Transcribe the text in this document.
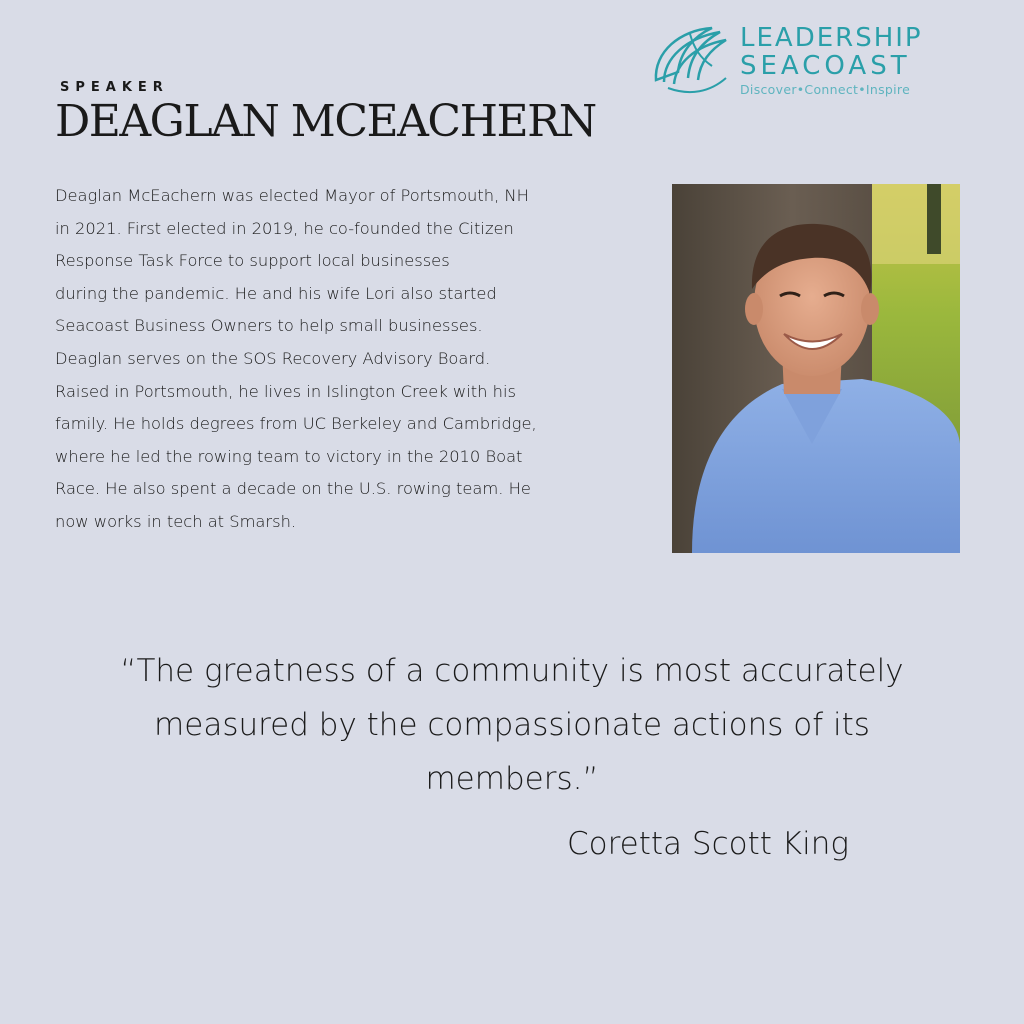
LEADERSHIP
SEACOAST
Discover•Connect•Inspire
SPEAKER
DEAGLAN MCEACHERN
Deaglan McEachern was elected Mayor of Portsmouth, NH
in 2021. First elected in 2019, he co-founded the Citizen
Response Task Force to support local businesses
during the pandemic. He and his wife Lori also started
Seacoast Business Owners to help small businesses.
Deaglan serves on the SOS Recovery Advisory Board.
Raised in Portsmouth, he lives in Islington Creek with his
family. He holds degrees from UC Berkeley and Cambridge,
where he led the rowing team to victory in the 2010 Boat
Race. He also spent a decade on the U.S. rowing team. He
now works in tech at Smarsh.
“The greatness of a community is most accurately
measured by the compassionate actions of its
members.”
Coretta Scott King
